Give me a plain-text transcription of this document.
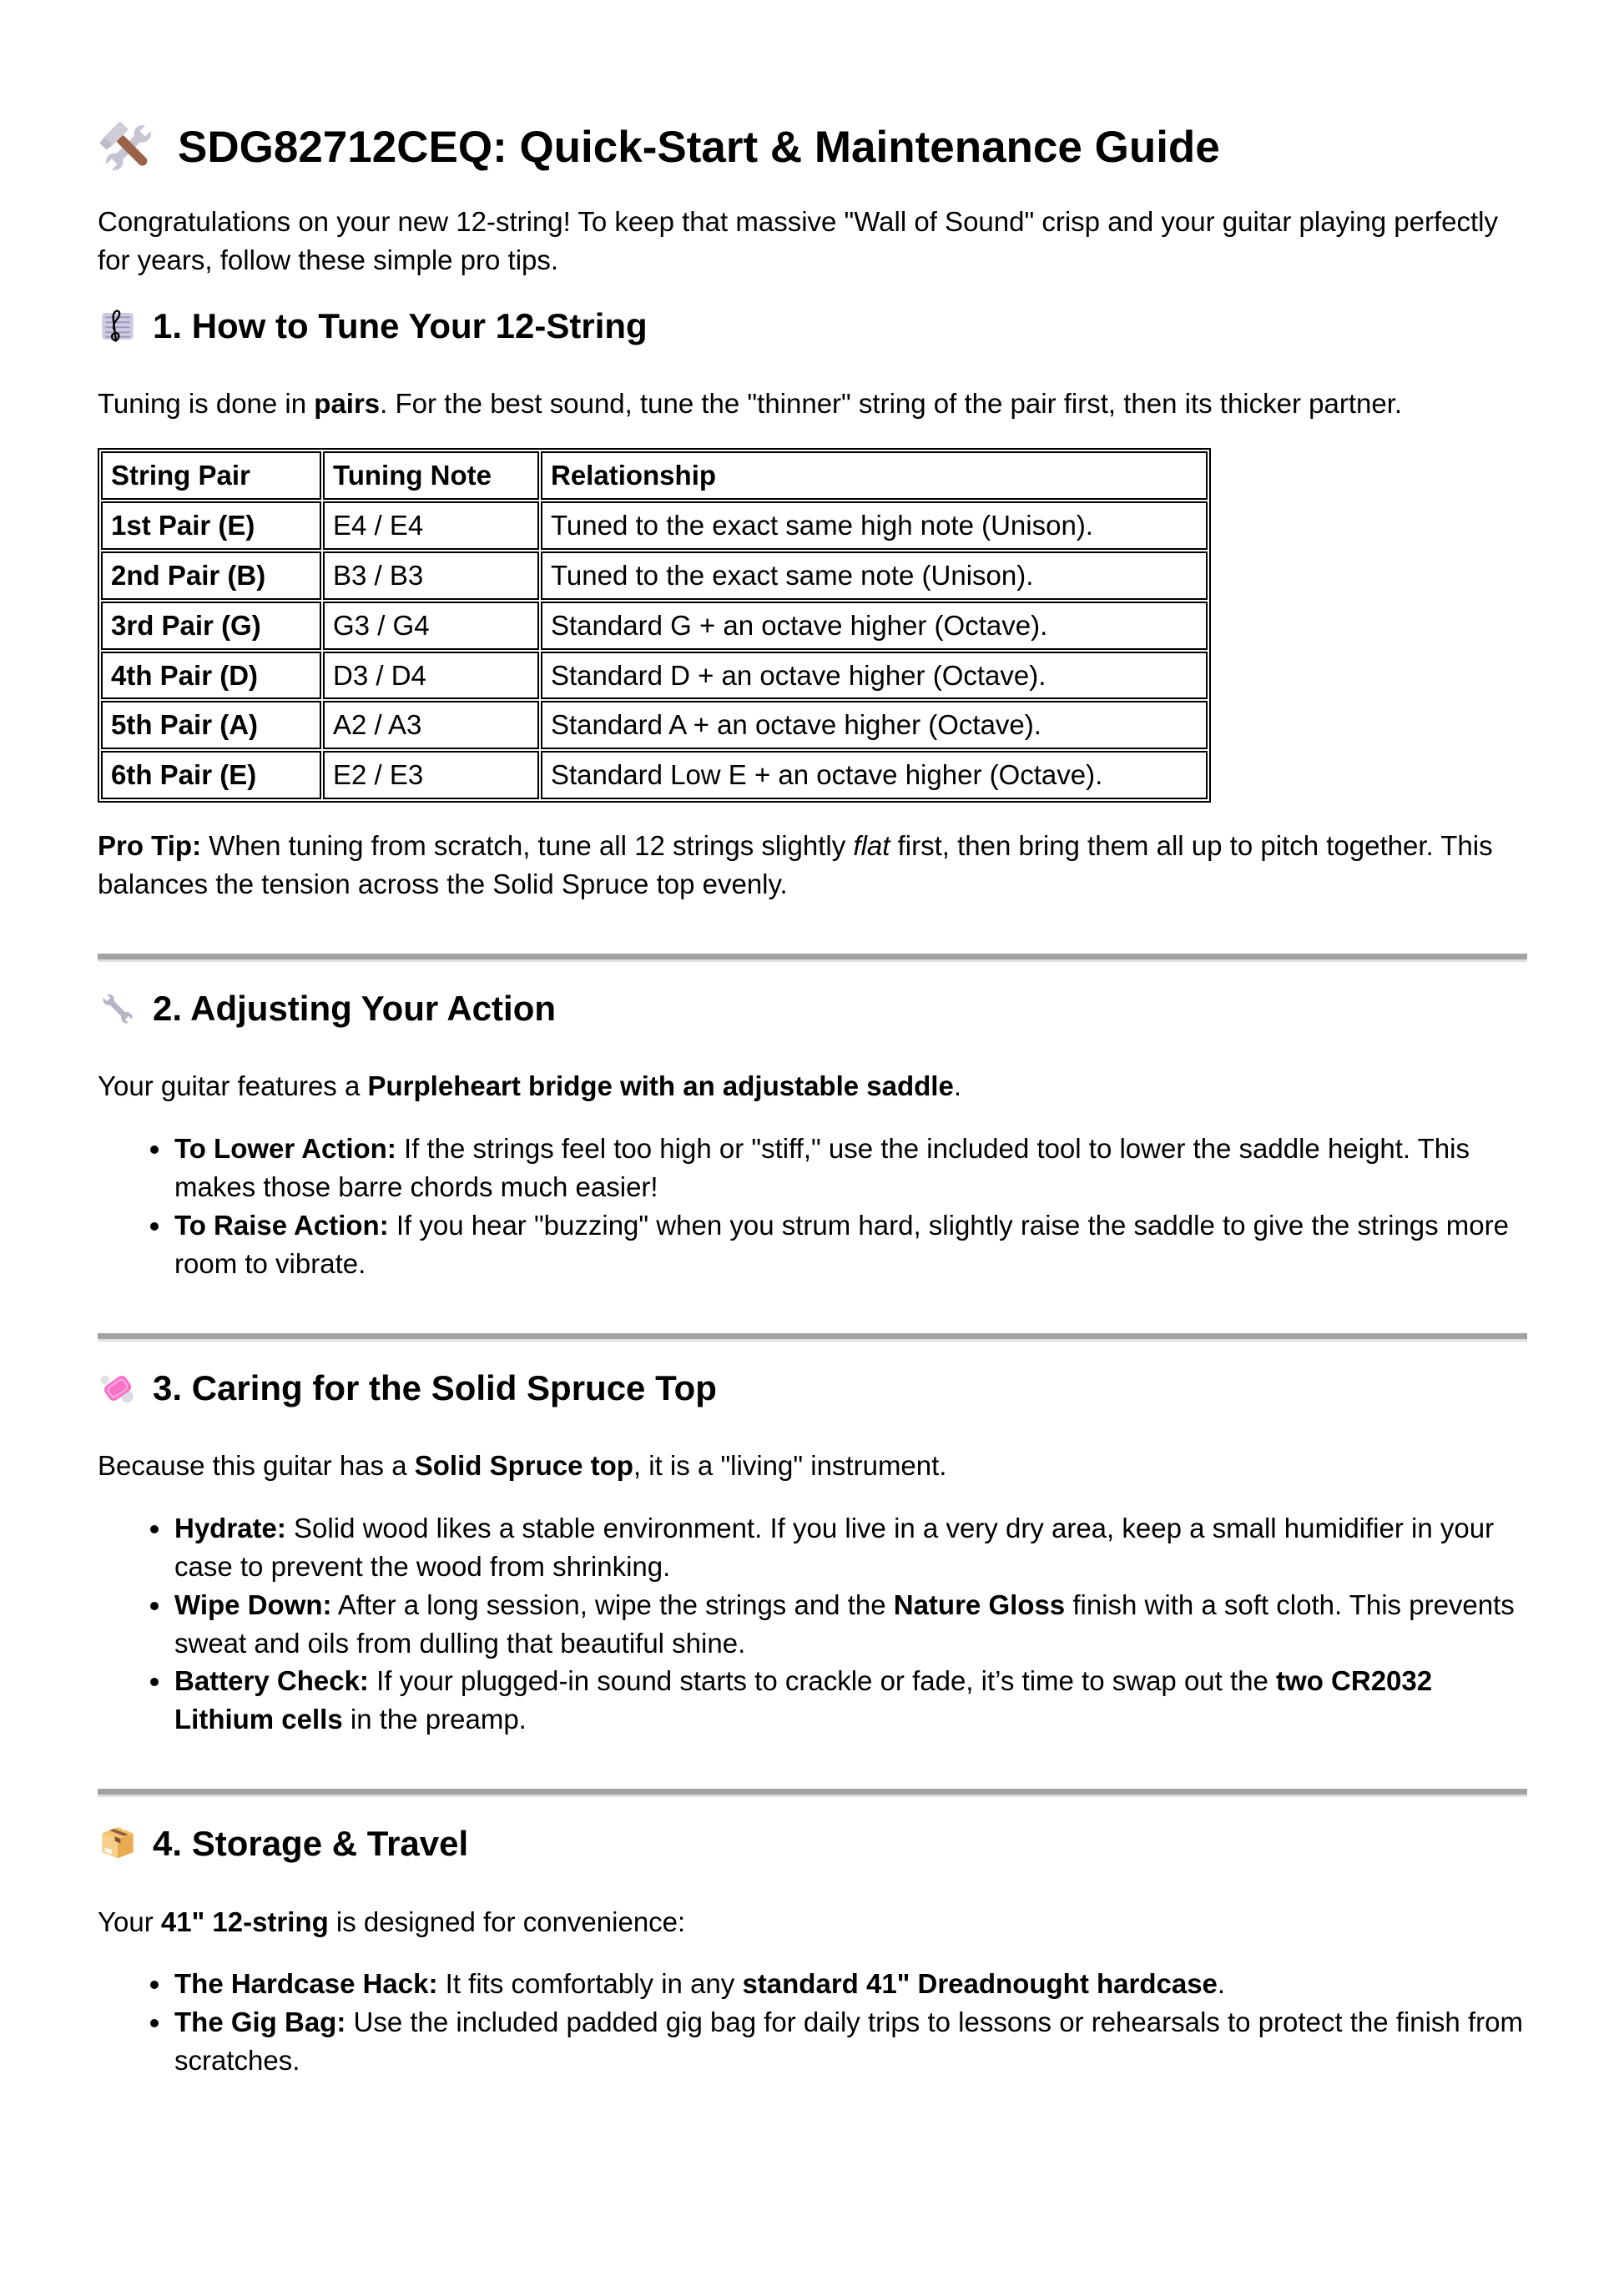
SDG82712CEQ: Quick-Start & Maintenance Guide

Congratulations on your new 12-string! To keep that massive "Wall of Sound" crisp and your guitar playing perfectly for years, follow these simple pro tips.

1. How to Tune Your 12-String

Tuning is done in pairs. For the best sound, tune the "thinner" string of the pair first, then its thicker partner.

String Pair	Tuning Note	Relationship
1st Pair (E)	E4 / E4	Tuned to the exact same high note (Unison).
2nd Pair (B)	B3 / B3	Tuned to the exact same note (Unison).
3rd Pair (G)	G3 / G4	Standard G + an octave higher (Octave).
4th Pair (D)	D3 / D4	Standard D + an octave higher (Octave).
5th Pair (A)	A2 / A3	Standard A + an octave higher (Octave).
6th Pair (E)	E2 / E3	Standard Low E + an octave higher (Octave).

Pro Tip: When tuning from scratch, tune all 12 strings slightly flat first, then bring them all up to pitch together. This balances the tension across the Solid Spruce top evenly.

2. Adjusting Your Action

Your guitar features a Purpleheart bridge with an adjustable saddle.

• To Lower Action: If the strings feel too high or "stiff," use the included tool to lower the saddle height. This makes those barre chords much easier!
• To Raise Action: If you hear "buzzing" when you strum hard, slightly raise the saddle to give the strings more room to vibrate.
3. Caring for the Solid Spruce Top

Because this guitar has a Solid Spruce top, it is a "living" instrument.

• Hydrate: Solid wood likes a stable environment. If you live in a very dry area, keep a small humidifier in your case to prevent the wood from shrinking.
• Wipe Down: After a long session, wipe the strings and the Nature Gloss finish with a soft cloth. This prevents sweat and oils from dulling that beautiful shine.
• Battery Check: If your plugged-in sound starts to crackle or fade, it’s time to swap out the two CR2032 Lithium cells in the preamp.
4. Storage & Travel

Your 41" 12-string is designed for convenience:

• The Hardcase Hack: It fits comfortably in any standard 41" Dreadnought hardcase.
• The Gig Bag: Use the included padded gig bag for daily trips to lessons or rehearsals to protect the finish from scratches.
